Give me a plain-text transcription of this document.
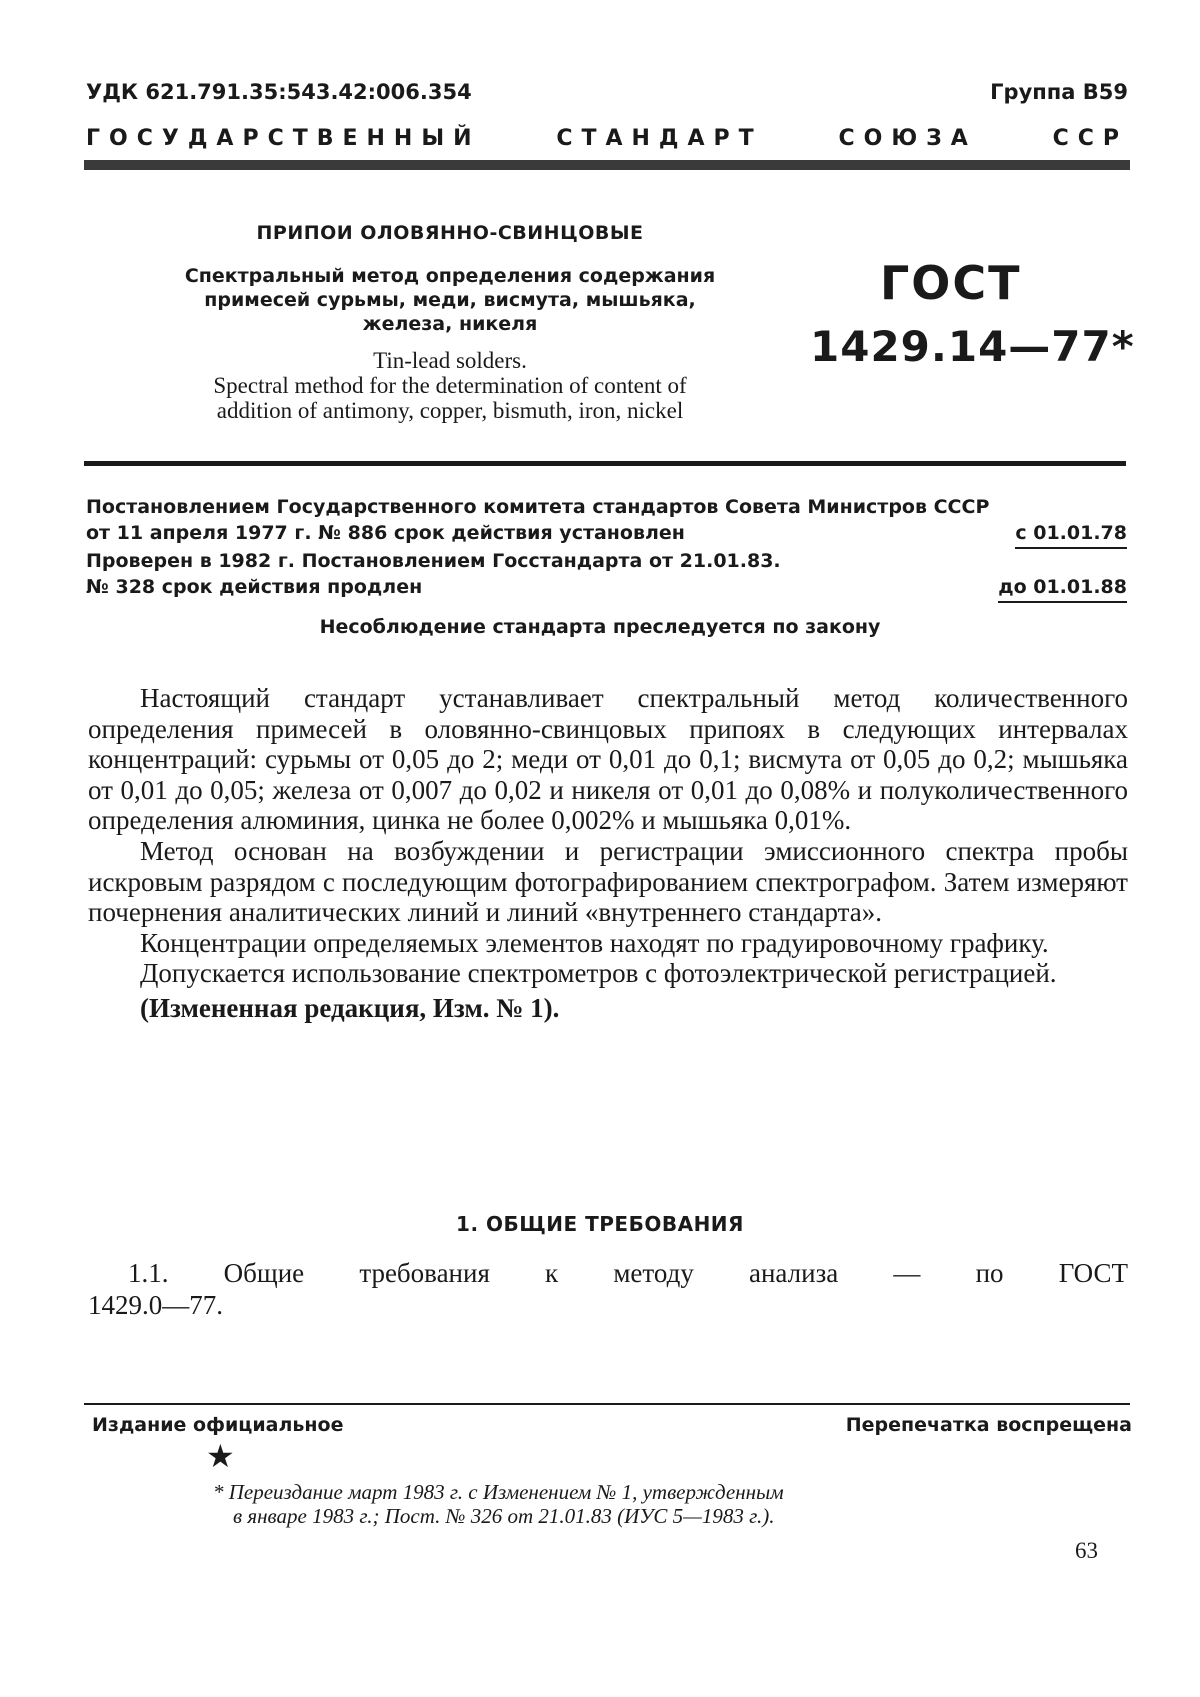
УДК 621.791.35:543.42:006.354	Группа В59
ГОСУДАРСТВЕННЫЙ	СТАНДАРТ	СОЮЗА	ССР
ПРИПОИ ОЛОВЯННО-СВИНЦОВЫЕ
Спектральный метод определения содержания
примесей сурьмы, меди, висмута, мышьяка,
железа, никеля
Tin-lead solders.
Spectral method for the determination of content of
addition of antimony, copper, bismuth, iron, nickel
ГОСТ
1429.14—77*
Постановлением Государственного комитета стандартов Совета Министров СССР
от 11 апреля 1977 г. № 886 срок действия установлен	с 01.01.78
Проверен в 1982 г. Постановлением Госстандарта от 21.01.83.
№ 328 срок действия продлен	до 01.01.88
Несоблюдение стандарта преследуется по закону

Настоящий стандарт устанавливает спектральный метод количественного определения примесей в оловянно-свинцовых припоях в следующих интервалах концентраций: сурьмы от 0,05 до 2; меди от 0,01 до 0,1; висмута от 0,05 до 0,2; мышьяка от 0,01 до 0,05; железа от 0,007 до 0,02 и никеля от 0,01 до 0,08% и полуколичественного определения алюминия, цинка не более 0,002% и мышьяка 0,01%.

Метод основан на возбуждении и регистрации эмиссионного спектра пробы искровым разрядом с последующим фотографированием спектрографом. Затем измеряют почернения аналитических линий и линий «внутреннего стандарта».

Концентрации определяемых элементов находят по градуировочному графику.

Допускается использование спектрометров с фотоэлектрической регистрацией.

(Измененная редакция, Изм. № 1).

1. ОБЩИЕ ТРЕБОВАНИЯ
1.1. Общие требования к методу анализа — по ГОСТ
1429.0—77.
Издание официальное	Перепечатка воспрещена
★
* Переиздание март 1983 г. с Изменением № 1, утвержденным
в январе 1983 г.; Пост. № 326 от 21.01.83 (ИУС 5—1983 г.).
63
